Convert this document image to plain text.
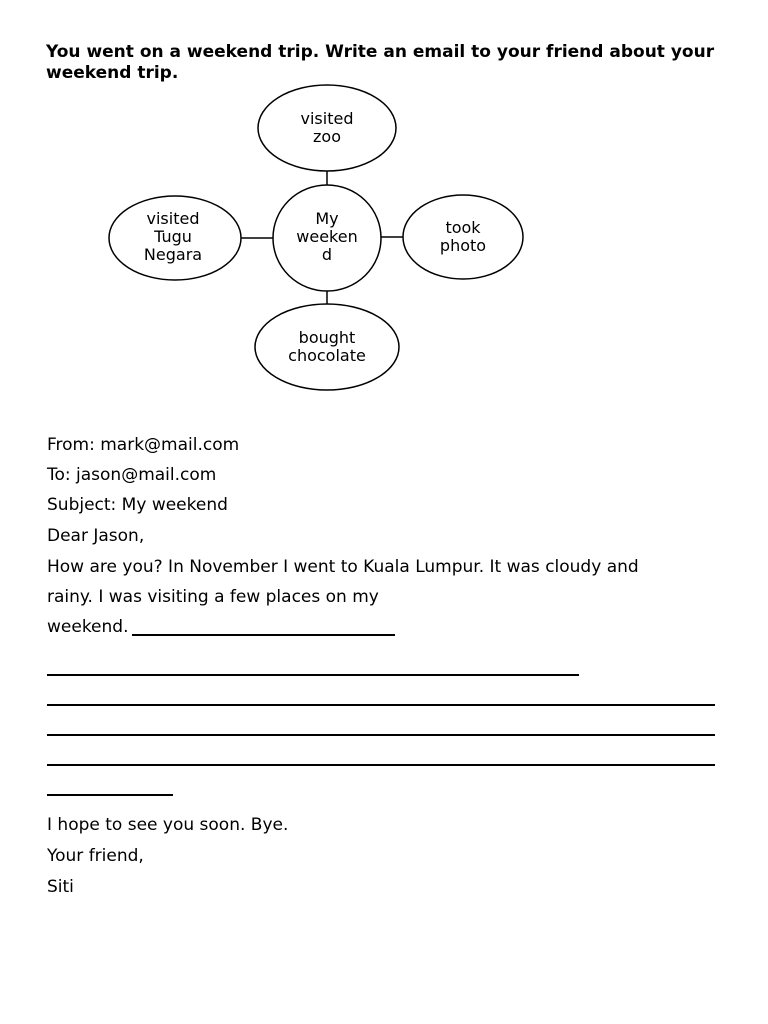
You went on a weekend trip. Write an email to your friend about your weekend trip.
visited
zoo
My
weeken
d
visited
Tugu
Negara
took
photo
bought
chocolate
From: mark@mail.com
To: jason@mail.com
Subject: My weekend
Dear Jason,
How are you? In November I went to Kuala Lumpur. It was cloudy and
rainy. I was visiting a few places on my
weekend.
I hope to see you soon. Bye.
Your friend,
Siti
